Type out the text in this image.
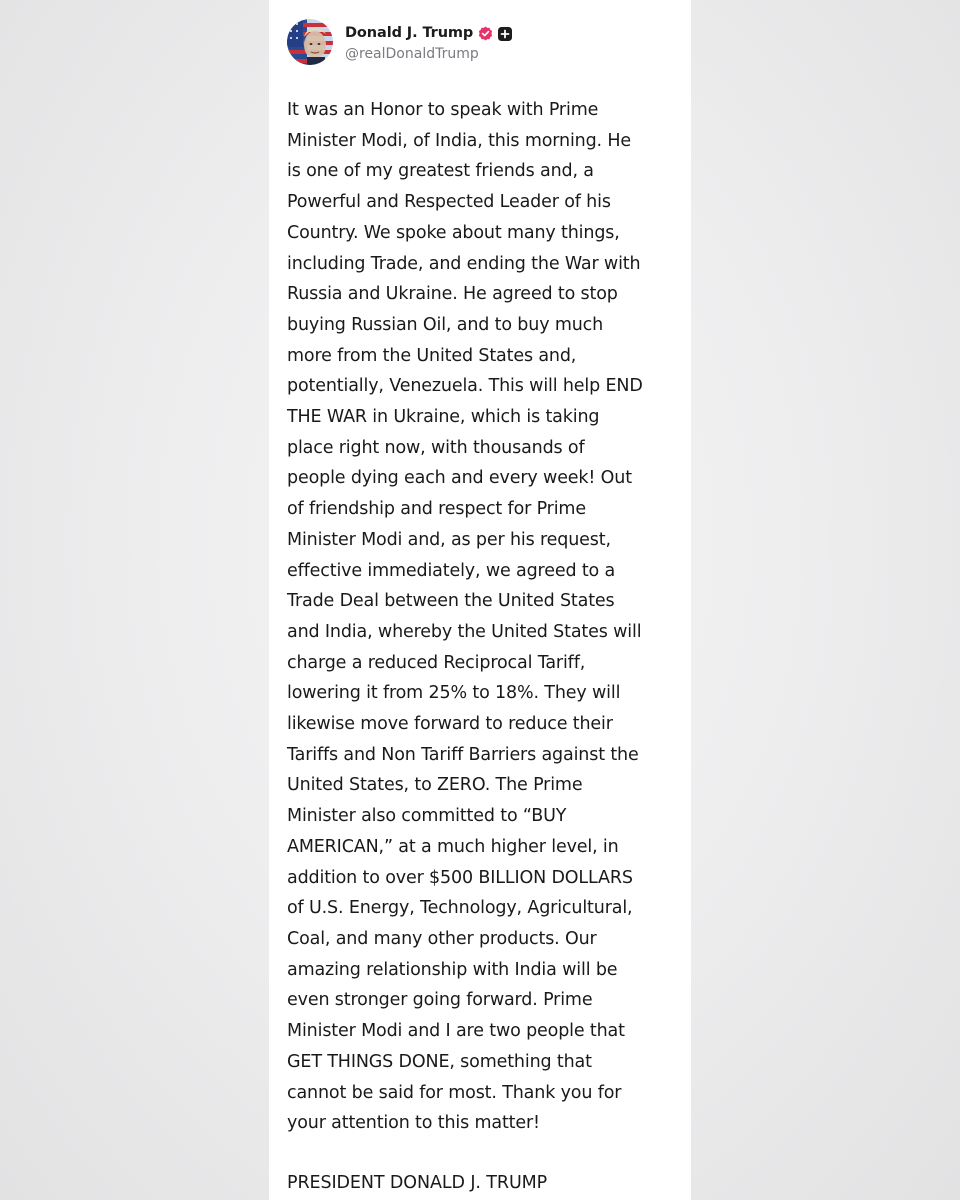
Donald J. Trump
@realDonaldTrump
It was an Honor to speak with Prime
Minister Modi, of India, this morning. He
is one of my greatest friends and, a
Powerful and Respected Leader of his
Country. We spoke about many things,
including Trade, and ending the War with
Russia and Ukraine. He agreed to stop
buying Russian Oil, and to buy much
more from the United States and,
potentially, Venezuela. This will help END
THE WAR in Ukraine, which is taking
place right now, with thousands of
people dying each and every week! Out
of friendship and respect for Prime
Minister Modi and, as per his request,
effective immediately, we agreed to a
Trade Deal between the United States
and India, whereby the United States will
charge a reduced Reciprocal Tariff,
lowering it from 25% to 18%. They will
likewise move forward to reduce their
Tariffs and Non Tariff Barriers against the
United States, to ZERO. The Prime
Minister also committed to “BUY
AMERICAN,” at a much higher level, in
addition to over $500 BILLION DOLLARS
of U.S. Energy, Technology, Agricultural,
Coal, and many other products. Our
amazing relationship with India will be
even stronger going forward. Prime
Minister Modi and I are two people that
GET THINGS DONE, something that
cannot be said for most. Thank you for
your attention to this matter!
PRESIDENT DONALD J. TRUMP
